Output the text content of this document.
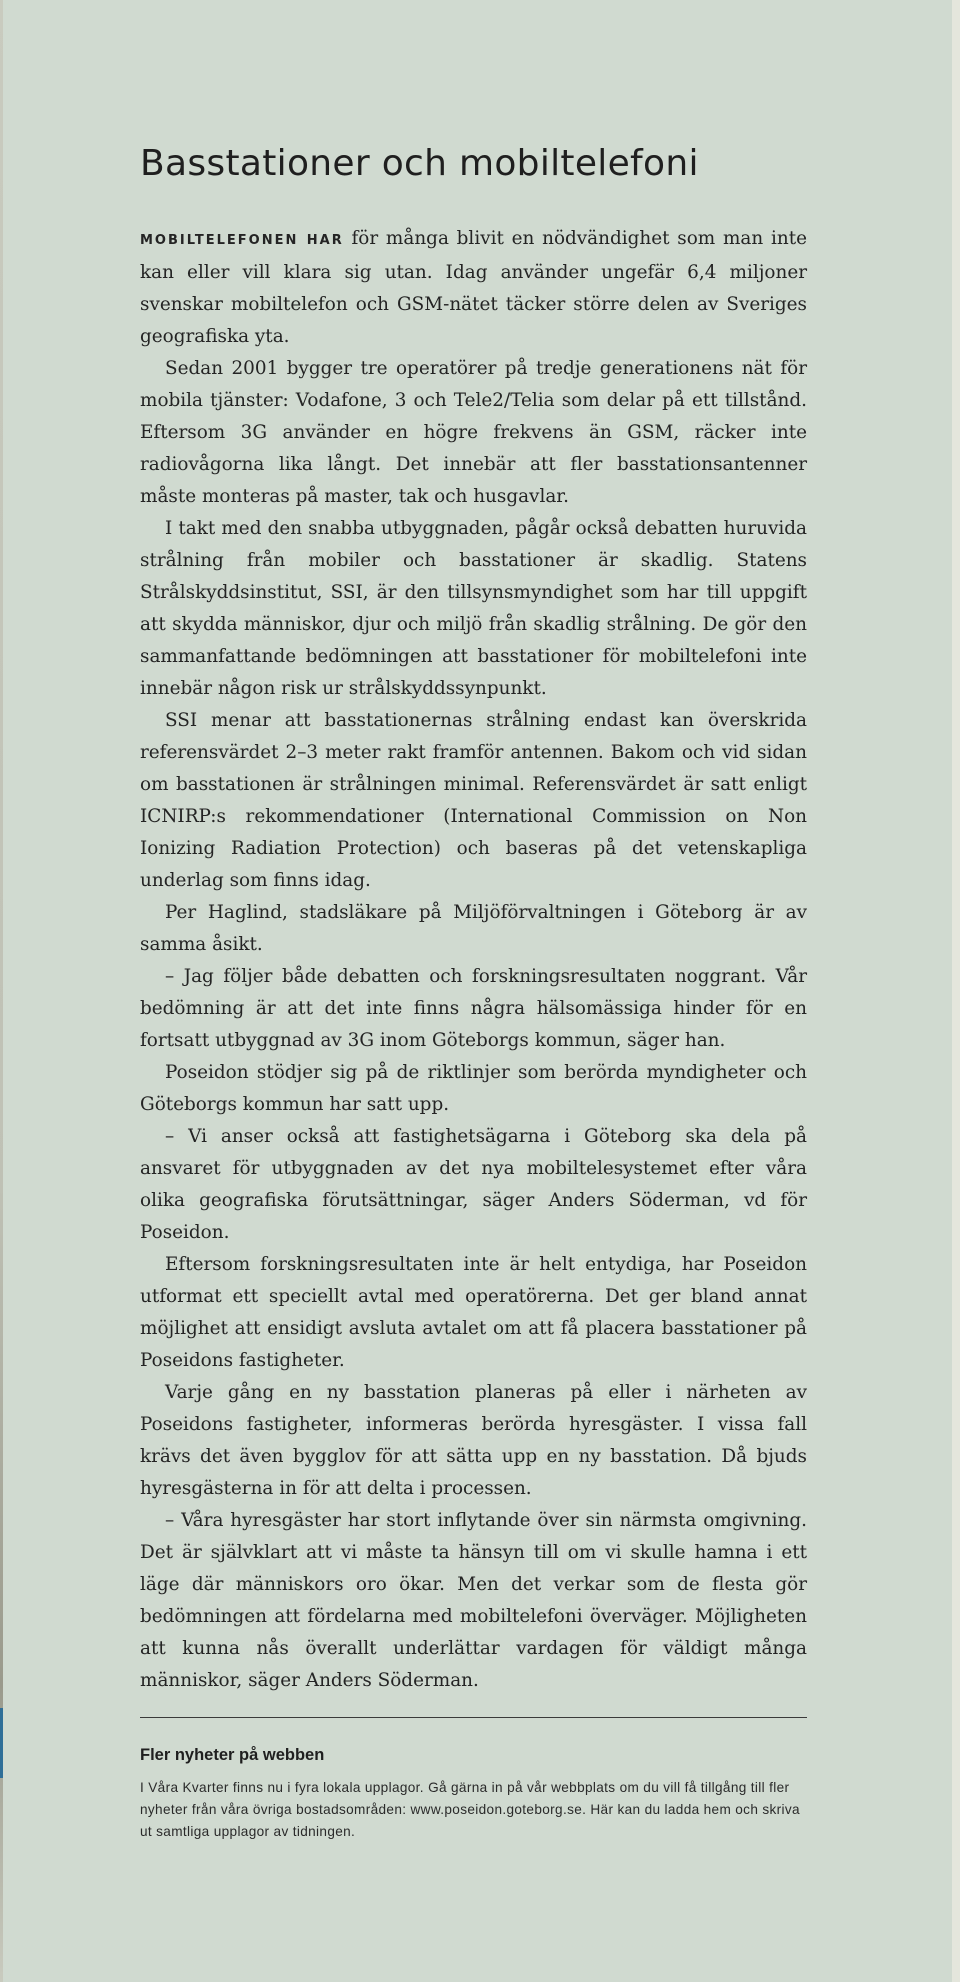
Basstationer och mobiltelefoni

MOBILTELEFONEN HAR för många blivit en nödvändighet som man inte kan eller vill klara sig utan. Idag använder ungefär 6,4 miljoner svenskar mobiltelefon och GSM-nätet täcker större delen av Sveriges geografiska yta.

Sedan 2001 bygger tre operatörer på tredje generationens nät för mobila tjänster: Vodafone, 3 och Tele2/Telia som delar på ett tillstånd. Eftersom 3G använder en högre frekvens än GSM, räcker inte radiovågorna lika långt. Det innebär att fler basstationsantenner måste monteras på master, tak och husgavlar.

I takt med den snabba utbyggnaden, pågår också debatten huruvida strålning från mobiler och basstationer är skadlig. Statens Strålskyddsinstitut, SSI, är den tillsynsmyndighet som har till uppgift att skydda människor, djur och miljö från skadlig strålning. De gör den sammanfattande bedömningen att basstationer för mobiltelefoni inte innebär någon risk ur strålskyddssynpunkt.

SSI menar att basstationernas strålning endast kan överskrida referensvärdet 2–3 meter rakt framför antennen. Bakom och vid sidan om basstationen är strålningen minimal. Referensvärdet är satt enligt ICNIRP:s rekommendationer (International Commission on Non Ionizing Radiation Protection) och baseras på det vetenskapliga underlag som finns idag.

Per Haglind, stadsläkare på Miljöförvaltningen i Göteborg är av samma åsikt.

– Jag följer både debatten och forskningsresultaten noggrant. Vår bedömning är att det inte finns några hälsomässiga hinder för en fortsatt utbyggnad av 3G inom Göteborgs kommun, säger han.

Poseidon stödjer sig på de riktlinjer som berörda myndigheter och Göteborgs kommun har satt upp.

– Vi anser också att fastighetsägarna i Göteborg ska dela på ansvaret för utbyggnaden av det nya mobiltelesystemet efter våra olika geografiska förutsättningar, säger Anders Söderman, vd för Poseidon.

Eftersom forskningsresultaten inte är helt entydiga, har Poseidon utformat ett speciellt avtal med operatörerna. Det ger bland annat möjlighet att ensidigt avsluta avtalet om att få placera basstationer på Poseidons fastigheter.

Varje gång en ny basstation planeras på eller i närheten av Poseidons fastigheter, informeras berörda hyresgäster. I vissa fall krävs det även bygglov för att sätta upp en ny basstation. Då bjuds hyresgästerna in för att delta i processen.

– Våra hyresgäster har stort inflytande över sin närmsta omgivning. Det är självklart att vi måste ta hänsyn till om vi skulle hamna i ett läge där människors oro ökar. Men det verkar som de flesta gör bedömningen att fördelarna med mobiltelefoni överväger. Möjligheten att kunna nås överallt underlättar vardagen för väldigt många människor, säger Anders Söderman.

Fler nyheter på webben

I Våra Kvarter finns nu i fyra lokala upplagor. Gå gärna in på vår webbplats om du vill få tillgång till fler nyheter från våra övriga bostadsområden: www.poseidon.goteborg.se. Här kan du ladda hem och skriva ut samtliga upplagor av tidningen.
